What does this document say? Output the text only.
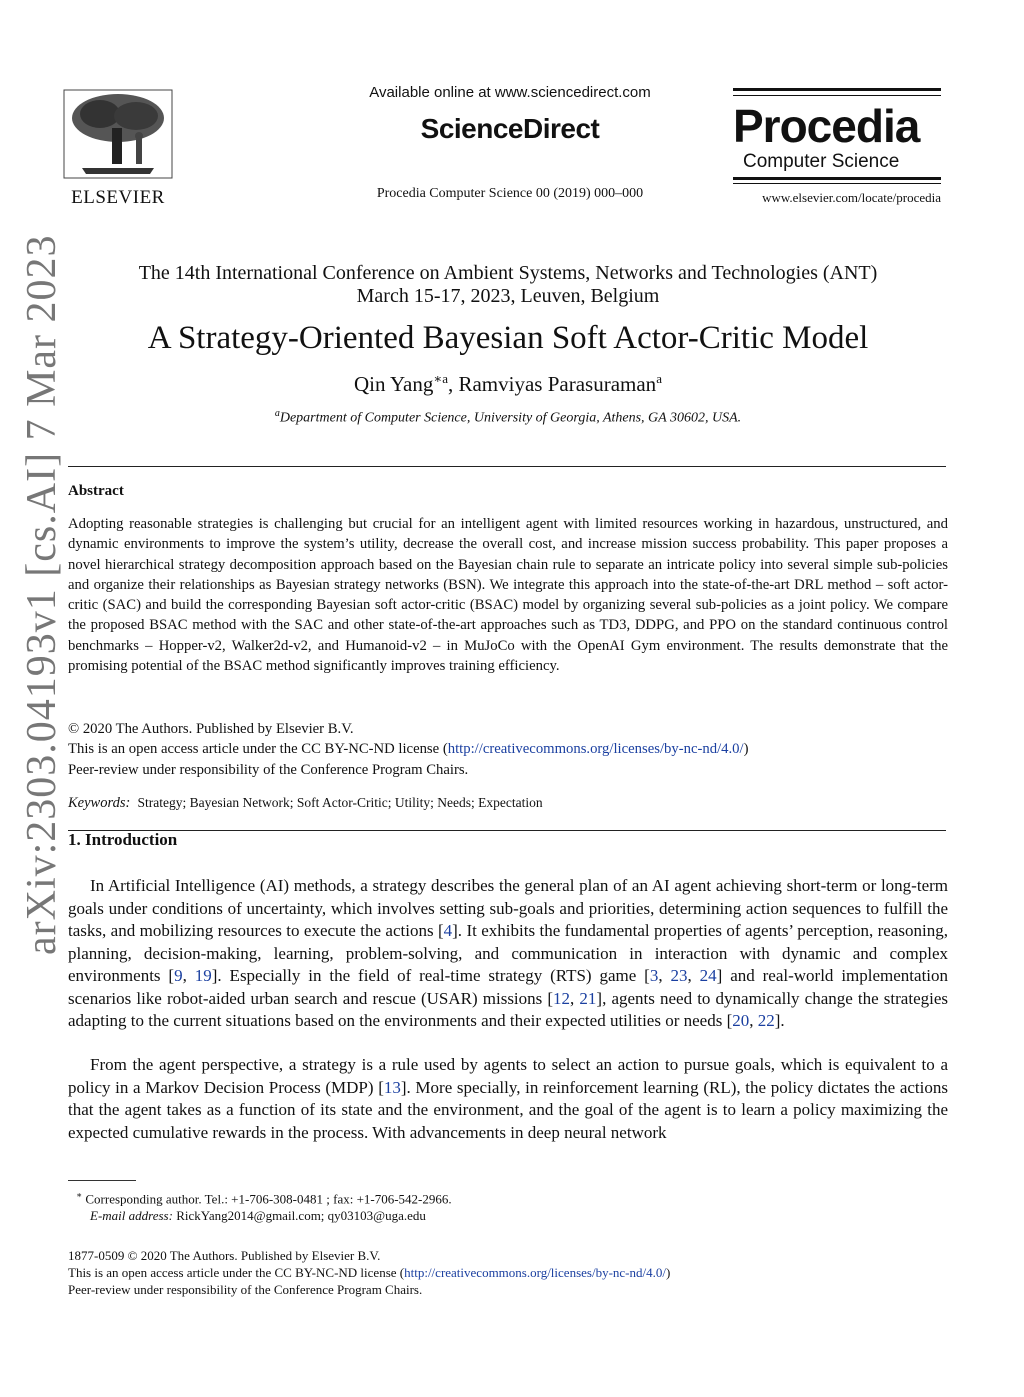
ELSEVIER
Available online at www.sciencedirect.com
ScienceDirect
Procedia Computer Science 00 (2019) 000–000
Procedia
Computer Science
www.elsevier.com/locate/procedia
The 14th International Conference on Ambient Systems, Networks and Technologies (ANT)
March 15-17, 2023, Leuven, Belgium
A Strategy-Oriented Bayesian Soft Actor-Critic Model
Qin Yang$^{∗a}$, Ramviyas Parasuraman$^a$
$^a$Department of Computer Science, University of Georgia, Athens, GA 30602, USA.
arXiv:2303.04193v1 [cs.AI] 7 Mar 2023 Abstract
Adopting reasonable strategies is challenging but crucial for an intelligent agent with limited resources working in hazardous, unstructured, and dynamic environments to improve the system’s utility, decrease the overall cost, and increase mission success probability. This paper proposes a novel hierarchical strategy decomposition approach based on the Bayesian chain rule to separate an intricate policy into several simple sub-policies and organize their relationships as Bayesian strategy networks (BSN). We integrate this approach into the state-of-the-art DRL method – soft actor-critic (SAC) and build the corresponding Bayesian soft actor-critic (BSAC) model by organizing several sub-policies as a joint policy. We compare the proposed BSAC method with the SAC and other state-of-the-art approaches such as TD3, DDPG, and PPO on the standard continuous control benchmarks – Hopper-v2, Walker2d-v2, and Humanoid-v2 – in MuJoCo with the OpenAI Gym environment. The results demonstrate that the promising potential of the BSAC method significantly improves training efficiency.
© 2020 The Authors. Published by Elsevier B.V.
This is an open access article under the CC BY-NC-ND license (http://creativecommons.org/licenses/by-nc-nd/4.0/)
Peer-review under responsibility of the Conference Program Chairs.
Keywords: Strategy; Bayesian Network; Soft Actor-Critic; Utility; Needs; Expectation
1. Introduction
In Artificial Intelligence (AI) methods, a strategy describes the general plan of an AI agent achieving short-term or long-term goals under conditions of uncertainty, which involves setting sub-goals and priorities, determining action sequences to fulfill the tasks, and mobilizing resources to execute the actions [4]. It exhibits the fundamental properties of agents’ perception, reasoning, planning, decision-making, learning, problem-solving, and communication in interaction with dynamic and complex environments [9, 19]. Especially in the field of real-time strategy (RTS) game [3, 23, 24] and real-world implementation scenarios like robot-aided urban search and rescue (USAR) missions [12, 21], agents need to dynamically change the strategies adapting to the current situations based on the environments and their expected utilities or needs [20, 22].
From the agent perspective, a strategy is a rule used by agents to select an action to pursue goals, which is equivalent to a policy in a Markov Decision Process (MDP) [13]. More specially, in reinforcement learning (RL), the policy dictates the actions that the agent takes as a function of its state and the environment, and the goal of the agent is to learn a policy maximizing the expected cumulative rewards in the process. With advancements in deep neural network
∗ Corresponding author. Tel.: +1-706-308-0481 ; fax: +1-706-542-2966.
E-mail address: RickYang2014@gmail.com; qy03103@uga.edu
1877-0509 © 2020 The Authors. Published by Elsevier B.V.
This is an open access article under the CC BY-NC-ND license (http://creativecommons.org/licenses/by-nc-nd/4.0/)
Peer-review under responsibility of the Conference Program Chairs.
